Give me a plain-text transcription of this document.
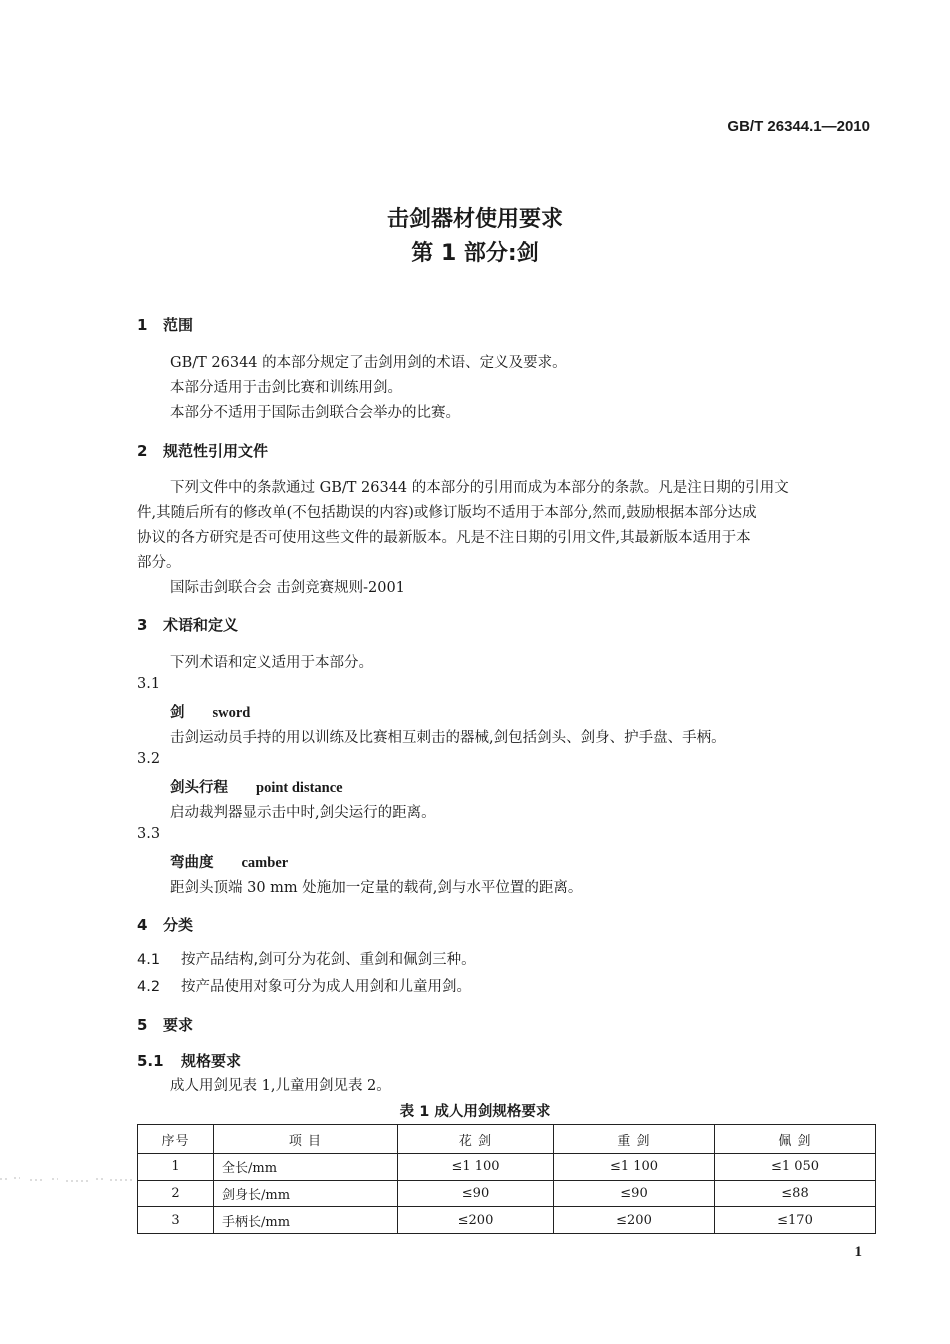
GB/T 26344.1—2010
击剑器材使用要求
第 1 部分:剑
1 范围
GB/T 26344 的本部分规定了击剑用剑的术语、定义及要求。
本部分适用于击剑比赛和训练用剑。
本部分不适用于国际击剑联合会举办的比赛。
2 规范性引用文件
下列文件中的条款通过 GB/T 26344 的本部分的引用而成为本部分的条款。凡是注日期的引用文
件,其随后所有的修改单(不包括勘误的内容)或修订版均不适用于本部分,然而,鼓励根据本部分达成
协议的各方研究是否可使用这些文件的最新版本。凡是不注日期的引用文件,其最新版本适用于本
部分。
国际击剑联合会 击剑竞赛规则-2001
3 术语和定义
下列术语和定义适用于本部分。
3.1
剑 sword
击剑运动员手持的用以训练及比赛相互刺击的器械,剑包括剑头、剑身、护手盘、手柄。
3.2
剑头行程 point distance
启动裁判器显示击中时,剑尖运行的距离。
3.3
弯曲度 camber
距剑头顶端 30 mm 处施加一定量的载荷,剑与水平位置的距离。
4 分类
4.1 按产品结构,剑可分为花剑、重剑和佩剑三种。
4.2 按产品使用对象可分为成人用剑和儿童用剑。
5 要求
5.1 规格要求
成人用剑见表 1,儿童用剑见表 2。
表 1 成人用剑规格要求
序号	项 目	花 剑	重 剑	佩 剑
1	全长/mm	≤1 100	≤1 100	≤1 050
2	剑身长/mm	≤90	≤90	≤88
3	手柄长/mm	≤200	≤200	≤170
1
